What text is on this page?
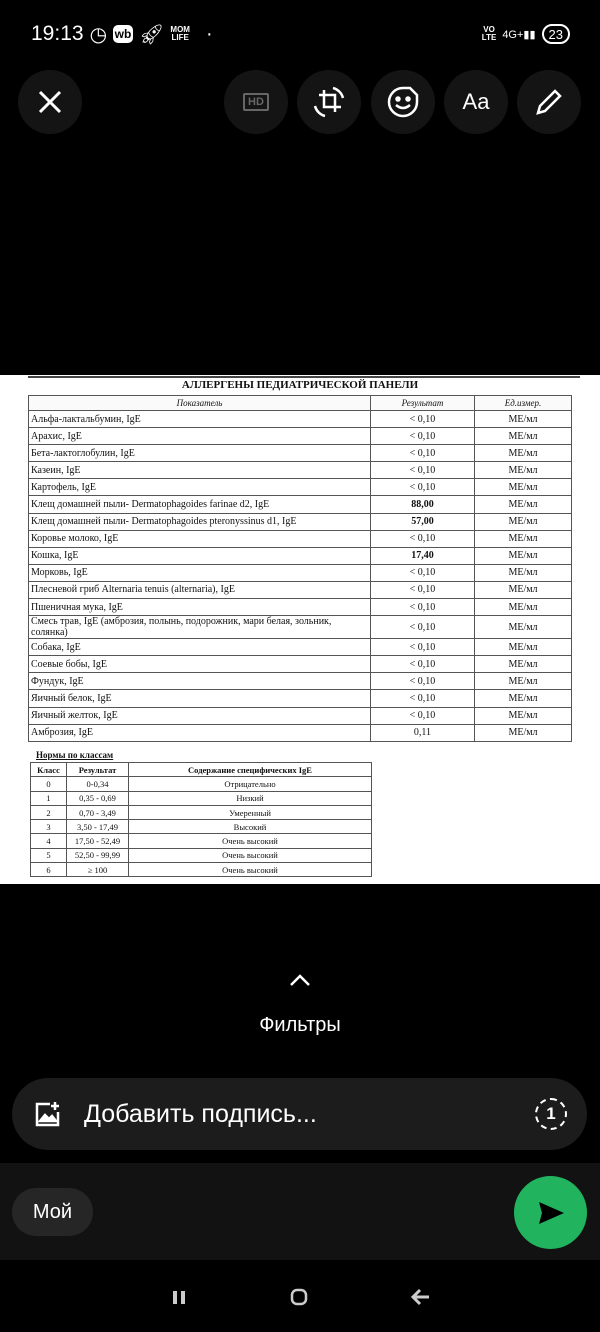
19:13 ◷ wb 🚀︎ MOM
LIFE ·	VO
LTE 4G+▮▮	23
HD	Aa
АЛЛЕРГЕНЫ ПЕДИАТРИЧЕСКОЙ ПАНЕЛИ
Показатель	Результат	Ед.измер.
Альфа-лактальбумин, IgE	< 0,10	МЕ/мл
Арахис, IgE	< 0,10	МЕ/мл
Бета-лактоглобулин, IgE	< 0,10	МЕ/мл
Казеин, IgE	< 0,10	МЕ/мл
Картофель, IgE	< 0,10	МЕ/мл
Клещ домашней пыли- Dermatophagoides farinae d2, IgE	88,00	МЕ/мл
Клещ домашней пыли- Dermatophagoides pteronyssinus d1, IgE	57,00	МЕ/мл
Коровье молоко, IgE	< 0,10	МЕ/мл
Кошка, IgE	17,40	МЕ/мл
Морковь, IgE	< 0,10	МЕ/мл
Плесневой гриб Alternaria tenuis (alternaria), IgE	< 0,10	МЕ/мл
Пшеничная мука, IgE	< 0,10	МЕ/мл
Смесь трав, IgE (амброзия, полынь, подорожник, мари белая, зольник, солянка)	< 0,10	МЕ/мл
Собака, IgE	< 0,10	МЕ/мл
Соевые бобы, IgE	< 0,10	МЕ/мл
Фундук, IgE	< 0,10	МЕ/мл
Яичный белок, IgE	< 0,10	МЕ/мл
Яичный желток, IgE	< 0,10	МЕ/мл
Амброзия, IgE	0,11	МЕ/мл
Нормы по классам
Класс	Результат	Содержание специфических IgE
0	0-0,34	Отрицательно
1	0,35 - 0,69	Низкий
2	0,70 - 3,49	Умеренный
3	3,50 - 17,49	Высокий
4	17,50 - 52,49	Очень высокий
5	52,50 - 99,99	Очень высокий
6	≥ 100	Очень высокий
Фильтры
Добавить подпись...	1
Мой
